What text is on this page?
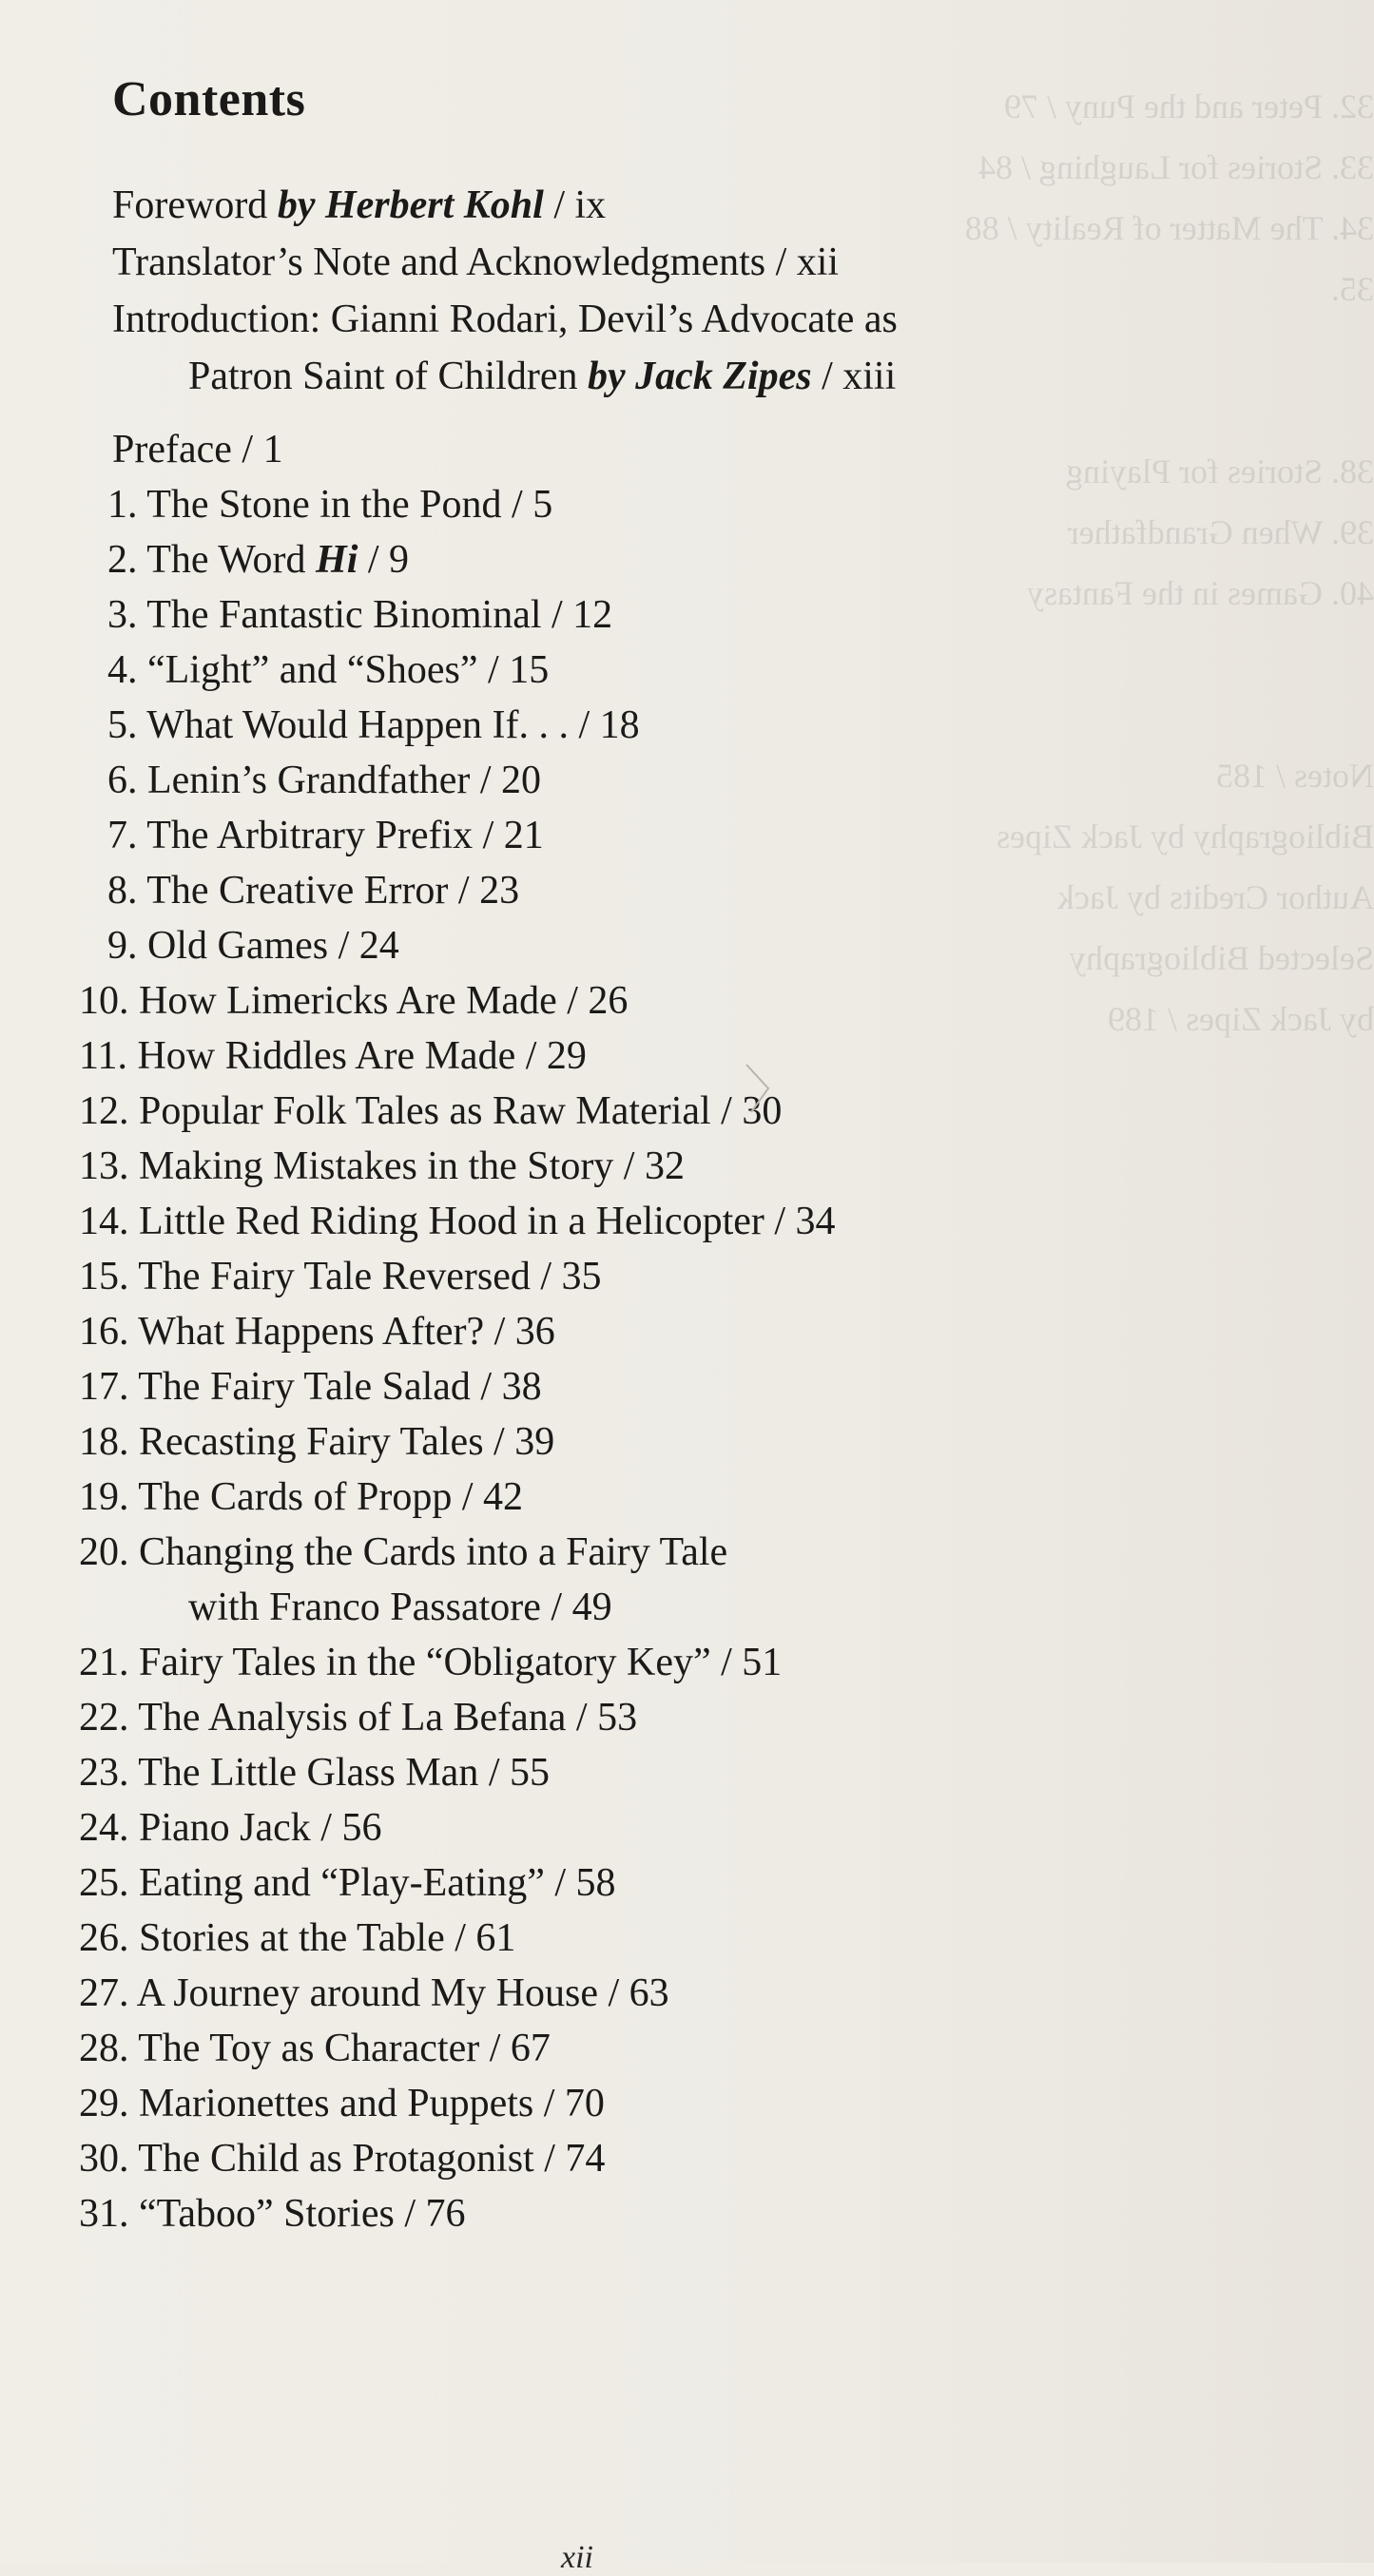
32. Peter and the Puny / 79
33. Stories for Laughing / 84
34. The Matter of Reality / 88
35.

38. Stories for Playing
39. When Grandfather
40. Games in the Fantasy

Notes / 185
Bibliography by Jack Zipes
Author Credits by Jack
Selected Bibliography
by Jack Zipes / 189
Contents
Foreword by Herbert Kohl / ix
Translator’s Note and Acknowledgments / xii
Introduction: Gianni Rodari, Devil’s Advocate as
Patron Saint of Children by Jack Zipes / xiii
Preface / 1
1. The Stone in the Pond / 5
2. The Word Hi / 9
3. The Fantastic Binominal / 12
4. “Light” and “Shoes” / 15
5. What Would Happen If. . . / 18
6. Lenin’s Grandfather / 20
7. The Arbitrary Prefix / 21
8. The Creative Error / 23
9. Old Games / 24
10. How Limericks Are Made / 26
11. How Riddles Are Made / 29
12. Popular Folk Tales as Raw Material / 30
13. Making Mistakes in the Story / 32
14. Little Red Riding Hood in a Helicopter / 34
15. The Fairy Tale Reversed / 35
16. What Happens After? / 36
17. The Fairy Tale Salad / 38
18. Recasting Fairy Tales / 39
19. The Cards of Propp / 42
20. Changing the Cards into a Fairy Tale
with Franco Passatore / 49
21. Fairy Tales in the “Obligatory Key” / 51
22. The Analysis of La Befana / 53
23. The Little Glass Man / 55
24. Piano Jack / 56
25. Eating and “Play-Eating” / 58
26. Stories at the Table / 61
27. A Journey around My House / 63
28. The Toy as Character / 67
29. Marionettes and Puppets / 70
30. The Child as Protagonist / 74
31. “Taboo” Stories / 76
xii
